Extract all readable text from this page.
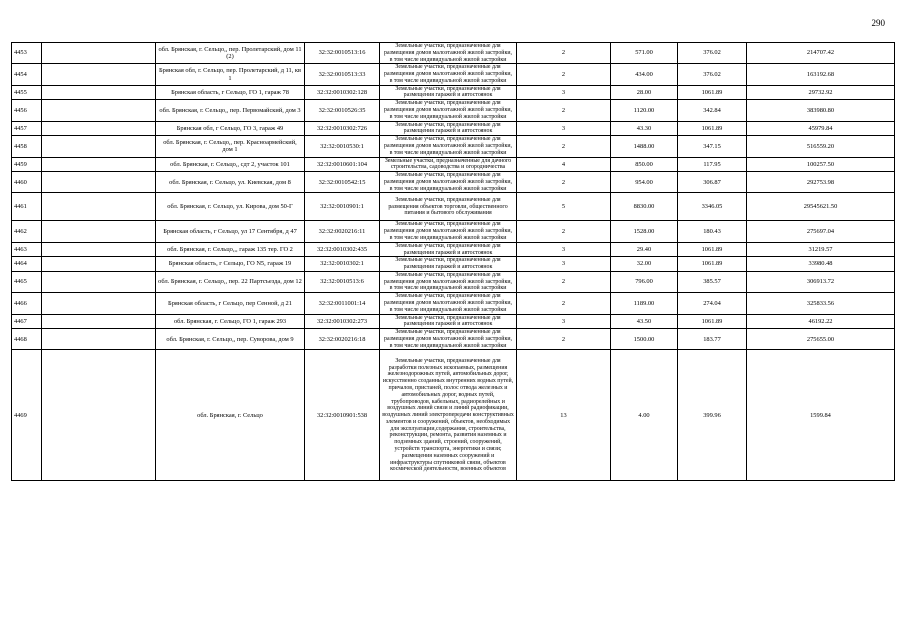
290
4453		обл. Брянская, г. Сельцо,, пер. Пролетарский, дом 11 (2)	32:32:0010513:16	Земельные участки, предназначенные для размещения домов малоэтажной жилой застройки, в том числе индивидуальной жилой застройки	2	571.00	376.02	214707.42
4454		Брянская обл, г. Сельцо, пер. Пролетарский, д 11, кв 1	32:32:0010513:33	Земельные участки, предназначенные для размещения домов малоэтажной жилой застройки, в том числе индивидуальной жилой застройки	2	434.00	376.02	163192.68
4455		Брянская область, г Сельцо, ГО 1, гараж 78	32:32:0010302:128	Земельные участки, предназначенные для размещения гаражей и автостоянок	3	28.00	1061.89	29732.92
4456		обл. Брянская, г. Сельцо,, пер. Первомайский, дом 3	32:32:0010526:35	Земельные участки, предназначенные для размещения домов малоэтажной жилой застройки, в том числе индивидуальной жилой застройки	2	1120.00	342.84	383980.80
4457		Брянская обл, г Сельцо, ГО 3, гараж 49	32:32:0010302:726	Земельные участки, предназначенные для размещения гаражей и автостоянок	3	43.30	1061.89	45979.84
4458		обл. Брянская, г. Сельцо,, пер. Красноармейский, дом 1	32:32:0010530:1	Земельные участки, предназначенные для размещения домов малоэтажной жилой застройки, в том числе индивидуальной жилой застройки	2	1488.00	347.15	516559.20
4459		обл. Брянская, г. Сельцо,, сдт 2, участок 101	32:32:0010601:104	Земельные участки, предназначенные для дачного строительства, садоводства и огородничества	4	850.00	117.95	100257.50
4460		обл. Брянская, г. Сельцо, ул. Киевская, дом 8	32:32:0010542:15	Земельные участки, предназначенные для размещения домов малоэтажной жилой застройки, в том числе индивидуальной жилой застройки	2	954.00	306.87	292753.98
4461		обл. Брянская, г. Сельцо, ул. Кирова, дом 50-Г	32:32:0010901:1	Земельные участки, предназначенные для размещения объектов торговли, общественного питания и бытового обслуживания	5	8830.00	3346.05	29545621.50
4462		Брянская область, г Сельцо, ул 17 Сентября, д 47	32:32:0020216:11	Земельные участки, предназначенные для размещения домов малоэтажной жилой застройки, в том числе индивидуальной жилой застройки	2	1528.00	180.43	275697.04
4463		обл. Брянская, г. Сельцо,,, гараж 135 тер. ГО 2	32:32:0010302:435	Земельные участки, предназначенные для размещения гаражей и автостоянок	3	29.40	1061.89	31219.57
4464		Брянская область, г Сельцо, ГО N5, гараж 19	32:32:0010302:1	Земельные участки, предназначенные для размещения гаражей и автостоянок	3	32.00	1061.89	33980.48
4465		обл. Брянская, г. Сельцо,, пер. 22 Партсъезда, дом 12	32:32:0010513:6	Земельные участки, предназначенные для размещения домов малоэтажной жилой застройки, в том числе индивидуальной жилой застройки	2	796.00	385.57	306913.72
4466		Брянская область, г Сельцо, пер Сенной, д 21	32:32:0011001:14	Земельные участки, предназначенные для размещения домов малоэтажной жилой застройки, в том числе индивидуальной жилой застройки	2	1189.00	274.04	325833.56
4467		обл. Брянская, г. Сельцо, ГО 1, гараж 293	32:32:0010302:273	Земельные участки, предназначенные для размещения гаражей и автостоянок	3	43.50	1061.89	46192.22
4468		обл. Брянская, г. Сельцо,, пер. Суворова, дом 9	32:32:0020216:18	Земельные участки, предназначенные для размещения домов малоэтажной жилой застройки, в том числе индивидуальной жилой застройки	2	1500.00	183.77	275655.00
4469		обл. Брянская, г. Сельцо	32:32:0010901:538	Земельные участки, предназначенные для разработки полезных ископаемых, размещения железнодорожных путей, автомобильных дорог, искусственно созданных внутренних водных путей, причалов, пристаней, полос отвода железных и автомобильных дорог, водных путей, трубопроводов, кабельных, радиорелейных и воздушных линий связи и линий радиофикации, воздушных линий электропередачи конструктивных элементов и сооружений, объектов, необходимых для эксплуатации,содержания, строительства, реконструкции, ремонта, развития наземных и подземных зданий, строений, сооружений, устройств транспорта, энергетики и связи; размещения наземных сооружений и инфраструктуры спутниковой связи, объектов космической деятельности, военных объектов	13	4.00	399.96	1599.84
